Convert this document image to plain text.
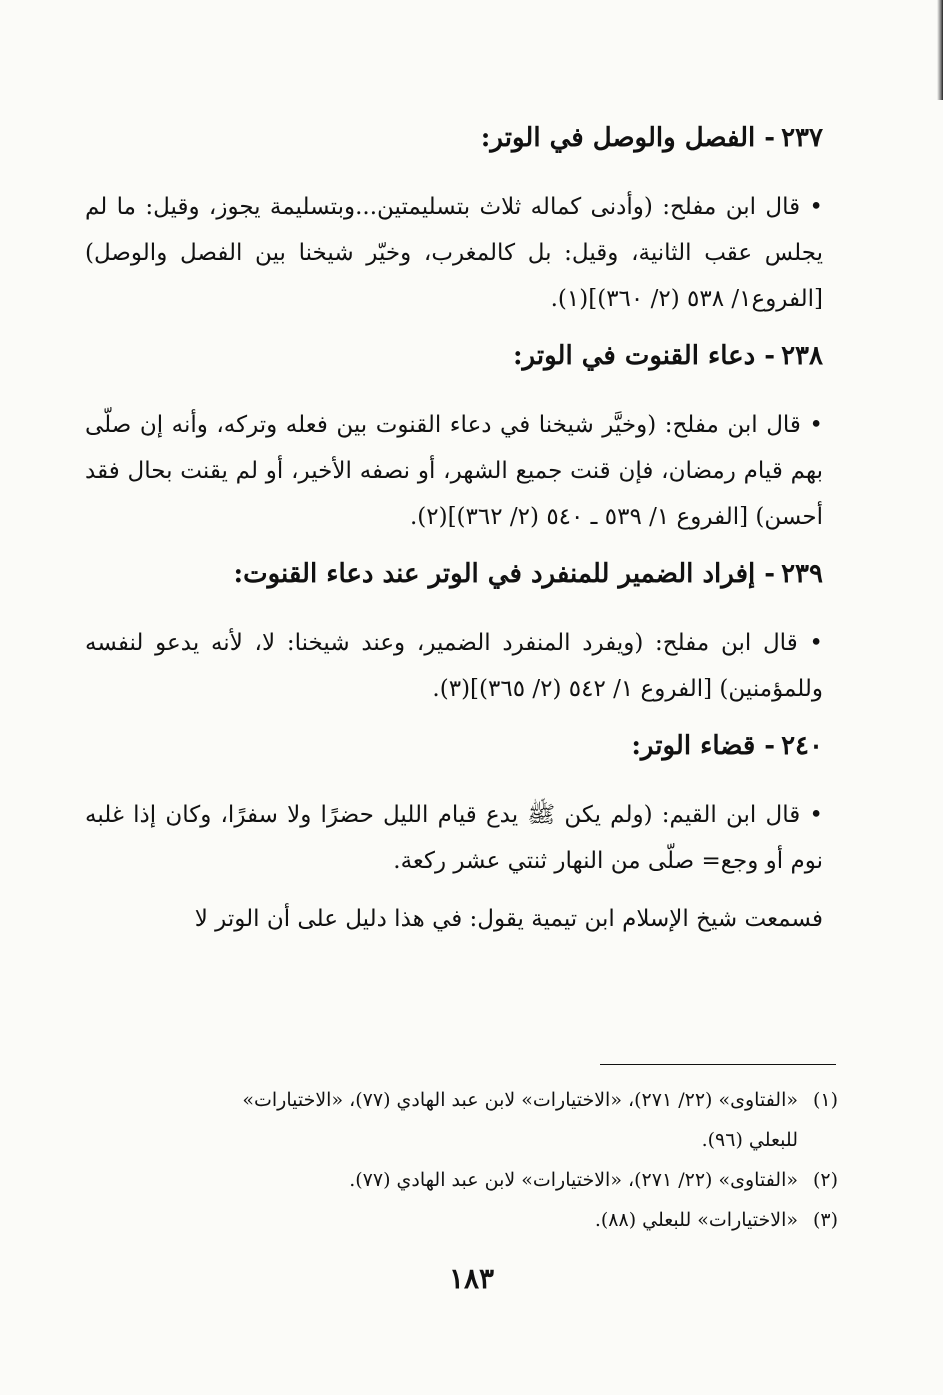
٢٣٧- الفصل والوصل في الوتر:

• قال ابن مفلح: (وأدنى كماله ثلاث بتسليمتين...وبتسليمة يجوز، وقيل: ما لم يجلس عقب الثانية، وقيل: بل كالمغرب، وخيّر شيخنا بين الفصل والوصل) [الفروع١/ ٥٣٨ (٢/ ٣٦٠)](١).

٢٣٨- دعاء القنوت في الوتر:

• قال ابن مفلح: (وخيَّر شيخنا في دعاء القنوت بين فعله وتركه، وأنه إن صلّى بهم قيام رمضان، فإن قنت جميع الشهر، أو نصفه الأخير، أو لم يقنت بحال فقد أحسن) [الفروع ١/ ٥٣٩ ـ ٥٤٠ (٢/ ٣٦٢)](٢).

٢٣٩- إفراد الضمير للمنفرد في الوتر عند دعاء القنوت:

• قال ابن مفلح: (ويفرد المنفرد الضمير، وعند شيخنا: لا، لأنه يدعو لنفسه وللمؤمنين) [الفروع ١/ ٥٤٢ (٢/ ٣٦٥)](٣).

٢٤٠- قضاء الوتر:

• قال ابن القيم: (ولم يكن ﷺ يدع قيام الليل حضرًا ولا سفرًا، وكان إذا غلبه نوم أو وجع= صلّى من النهار ثنتي عشر ركعة.

فسمعت شيخ الإسلام ابن تيمية يقول: في هذا دليل على أن الوتر لا

(١)«الفتاوى» (٢٢/ ٢٧١)، «الاختيارات» لابن عبد الهادي (٧٧)، «الاختيارات»
للبعلي (٩٦).

(٢)«الفتاوى» (٢٢/ ٢٧١)، «الاختيارات» لابن عبد الهادي (٧٧).

(٣)«الاختيارات» للبعلي (٨٨).

١٨٣
